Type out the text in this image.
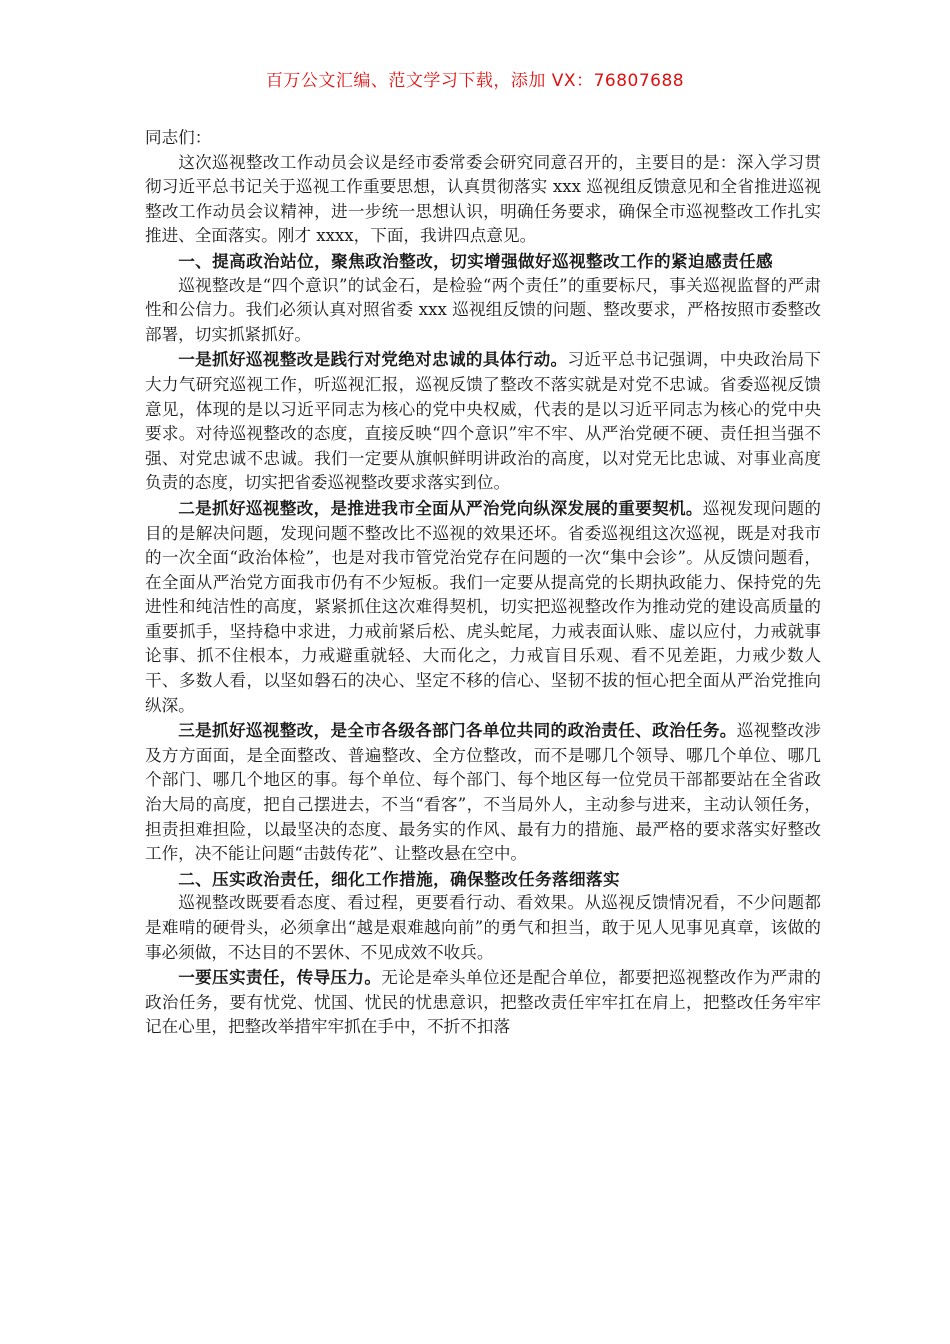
百万公文汇编、范文学习下载，添加 VX：76807688

同志们：

这次巡视整改工作动员会议是经市委常委会研究同意召开的，主要目的是：深入学习贯彻习近平总书记关于巡视工作重要思想，认真贯彻落实 xxx 巡视组反馈意见和全省推进巡视整改工作动员会议精神，进一步统一思想认识，明确任务要求，确保全市巡视整改工作扎实推进、全面落实。刚才 xxxx，下面，我讲四点意见。

一、提高政治站位，聚焦政治整改，切实增强做好巡视整改工作的紧迫感责任感

巡视整改是“四个意识”的试金石，是检验“两个责任”的重要标尺，事关巡视监督的严肃性和公信力。我们必须认真对照省委 xxx 巡视组反馈的问题、整改要求，严格按照市委整改部署，切实抓紧抓好。

一是抓好巡视整改是践行对党绝对忠诚的具体行动。习近平总书记强调，中央政治局下大力气研究巡视工作，听巡视汇报，巡视反馈了整改不落实就是对党不忠诚。省委巡视反馈意见，体现的是以习近平同志为核心的党中央权威，代表的是以习近平同志为核心的党中央要求。对待巡视整改的态度，直接反映“四个意识”牢不牢、从严治党硬不硬、责任担当强不强、对党忠诚不忠诚。我们一定要从旗帜鲜明讲政治的高度，以对党无比忠诚、对事业高度负责的态度，切实把省委巡视整改要求落实到位。

二是抓好巡视整改，是推进我市全面从严治党向纵深发展的重要契机。巡视发现问题的目的是解决问题，发现问题不整改比不巡视的效果还坏。省委巡视组这次巡视，既是对我市的一次全面“政治体检”，也是对我市管党治党存在问题的一次“集中会诊”。从反馈问题看，在全面从严治党方面我市仍有不少短板。我们一定要从提高党的长期执政能力、保持党的先进性和纯洁性的高度，紧紧抓住这次难得契机，切实把巡视整改作为推动党的建设高质量的重要抓手，坚持稳中求进，力戒前紧后松、虎头蛇尾，力戒表面认账、虚以应付，力戒就事论事、抓不住根本，力戒避重就轻、大而化之，力戒盲目乐观、看不见差距，力戒少数人干、多数人看，以坚如磐石的决心、坚定不移的信心、坚韧不拔的恒心把全面从严治党推向纵深。

三是抓好巡视整改，是全市各级各部门各单位共同的政治责任、政治任务。巡视整改涉及方方面面，是全面整改、普遍整改、全方位整改，而不是哪几个领导、哪几个单位、哪几个部门、哪几个地区的事。每个单位、每个部门、每个地区每一位党员干部都要站在全省政治大局的高度，把自己摆进去，不当“看客”，不当局外人，主动参与进来，主动认领任务，担责担难担险，以最坚决的态度、最务实的作风、最有力的措施、最严格的要求落实好整改工作，决不能让问题“击鼓传花”、让整改悬在空中。

二、压实政治责任，细化工作措施，确保整改任务落细落实

巡视整改既要看态度、看过程，更要看行动、看效果。从巡视反馈情况看，不少问题都是难啃的硬骨头，必须拿出“越是艰难越向前”的勇气和担当，敢于见人见事见真章，该做的事必须做，不达目的不罢休、不见成效不收兵。

一要压实责任，传导压力。无论是牵头单位还是配合单位，都要把巡视整改作为严肃的政治任务，要有忧党、忧国、忧民的忧患意识，把整改责任牢牢扛在肩上，把整改任务牢牢记在心里，把整改举措牢牢抓在手中，不折不扣落
